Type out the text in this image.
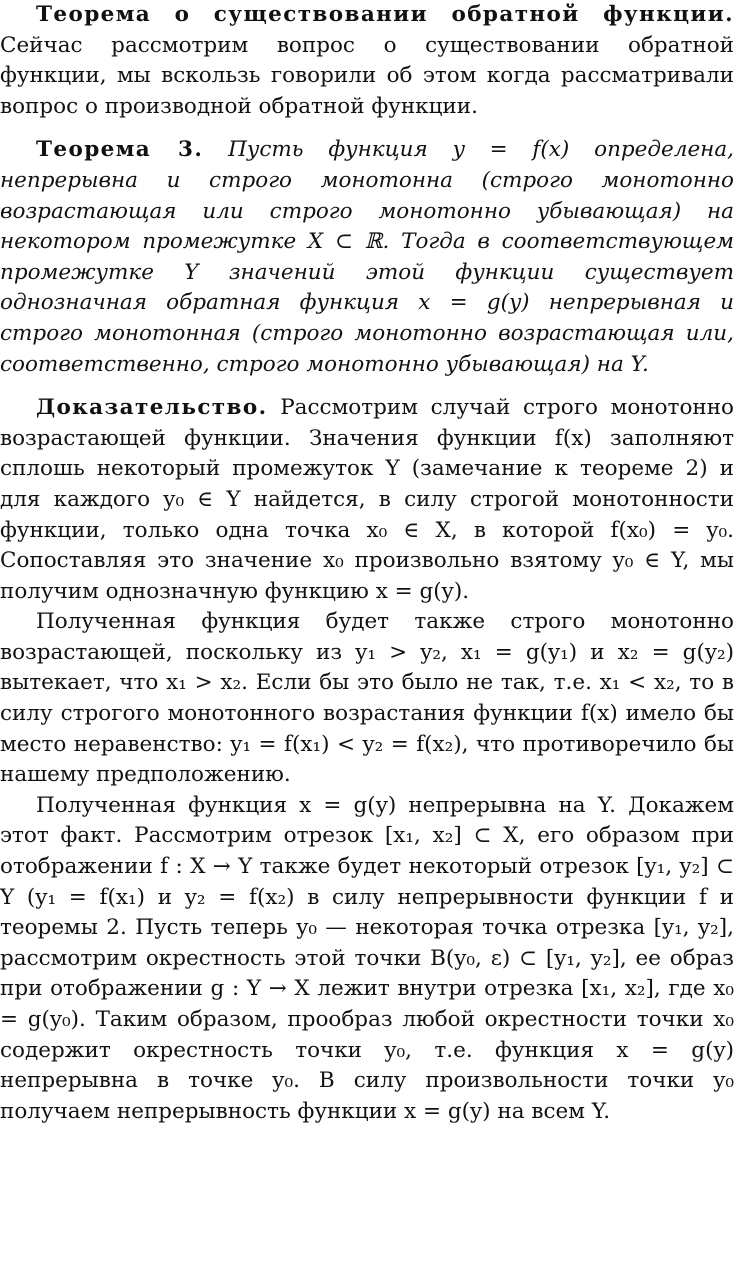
Теорема о существовании обратной функции. Сейчас рассмотрим вопрос о существовании обратной функции, мы вскользь говорили об этом когда рассматривали вопрос о производной обратной функции.

Теорема 3. Пусть функция y = f(x) определена, непрерывна и строго монотонна (строго монотонно возрастающая или строго монотонно убывающая) на некотором промежутке X ⊂ ℝ. Тогда в соответствующем промежутке Y значений этой функции существует однозначная обратная функция x = g(y) непрерывная и строго монотонная (строго монотонно возрастающая или, соответственно, строго монотонно убывающая) на Y.

Доказательство. Рассмотрим случай строго монотонно возрастающей функции. Значения функции f(x) заполняют сплошь некоторый промежуток Y (замечание к теореме 2) и для каждого y₀ ∈ Y найдется, в силу строгой монотонности функции, только одна точка x₀ ∈ X, в которой f(x₀) = y₀. Сопоставляя это значение x₀ произвольно взятому y₀ ∈ Y, мы получим однозначную функцию x = g(y).

Полученная функция будет также строго монотонно возрастающей, поскольку из y₁ > y₂, x₁ = g(y₁) и x₂ = g(y₂) вытекает, что x₁ > x₂. Если бы это было не так, т.е. x₁ < x₂, то в силу строгого монотонного возрастания функции f(x) имело бы место неравенство: y₁ = f(x₁) < y₂ = f(x₂), что противоречило бы нашему предположению.

Полученная функция x = g(y) непрерывна на Y. Докажем этот факт. Рассмотрим отрезок [x₁, x₂] ⊂ X, его образом при отображении f : X → Y также будет некоторый отрезок [y₁, y₂] ⊂ Y (y₁ = f(x₁) и y₂ = f(x₂) в силу непрерывности функции f и теоремы 2. Пусть теперь y₀ — некоторая точка отрезка [y₁, y₂], рассмотрим окрестность этой точки B(y₀, ε) ⊂ [y₁, y₂], ее образ при отображении g : Y → X лежит внутри отрезка [x₁, x₂], где x₀ = g(y₀). Таким образом, прообраз любой окрестности точки x₀ содержит окрестность точки y₀, т.е. функция x = g(y) непрерывна в точке y₀. В силу произвольности точки y₀ получаем непрерывность функции x = g(y) на всем Y.
